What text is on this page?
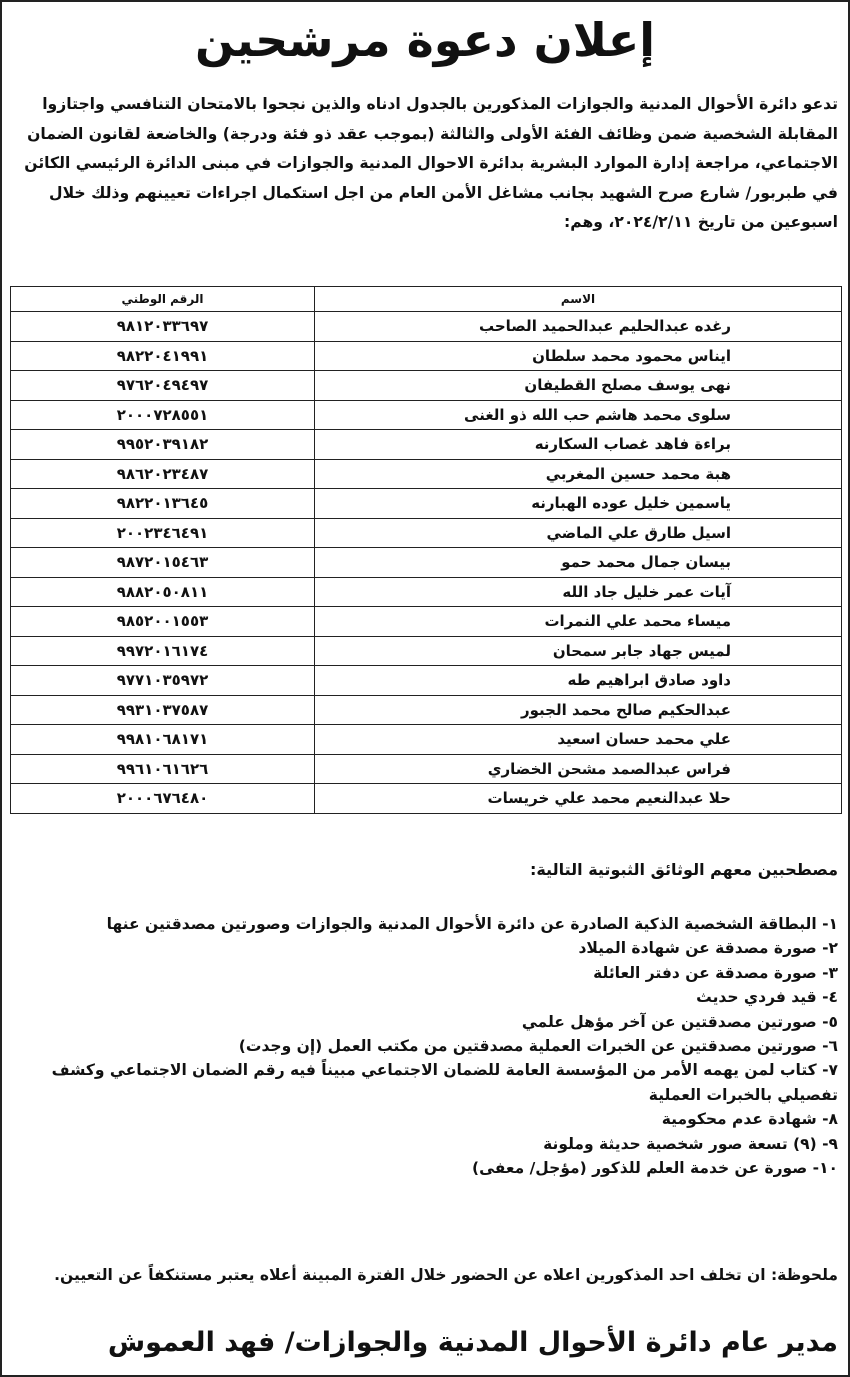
إعلان دعوة مرشحين

تدعو دائرة الأحوال المدنية والجوازات المذكورين بالجدول ادناه والذين نجحوا بالامتحان التنافسي واجتازوا

المقابلة الشخصية ضمن وظائف الفئة الأولى والثالثة (بموجب عقد ذو فئة ودرجة) والخاضعة لقانون الضمان

الاجتماعي، مراجعة إدارة الموارد البشرية بدائرة الاحوال المدنية والجوازات في مبنى الدائرة الرئيسي الكائن

في طبربور/ شارع صرح الشهيد بجانب مشاغل الأمن العام من اجل استكمال اجراءات تعيينهم وذلك خلال

اسبوعين من تاريخ ٢٠٢٤/٢/١١، وهم:

الاسم	الرقم الوطني
رغده عبدالحليم عبدالحميد الصاحب	٩٨١٢٠٣٣٦٩٧
ايناس محمود محمد سلطان	٩٨٢٢٠٤١٩٩١
نهى يوسف مصلح القطيفان	٩٧٦٢٠٤٩٤٩٧
سلوى محمد هاشم حب الله ذو الغنى	٢٠٠٠٧٢٨٥٥١
براءة فاهد غصاب السكارنه	٩٩٥٢٠٣٩١٨٢
هبة محمد حسين المغربي	٩٨٦٢٠٢٣٤٨٧
ياسمين خليل عوده الهبارنه	٩٨٢٢٠١٣٦٤٥
اسيل طارق علي الماضي	٢٠٠٢٣٤٦٤٩١
بيسان جمال محمد حمو	٩٨٧٢٠١٥٤٦٣
آيات عمر خليل جاد الله	٩٨٨٢٠٥٠٨١١
ميساء محمد علي النمرات	٩٨٥٢٠٠١٥٥٣
لميس جهاد جابر سمحان	٩٩٧٢٠١٦١٧٤
داود صادق ابراهيم طه	٩٧٧١٠٣٥٩٧٢
عبدالحكيم صالح محمد الجبور	٩٩٣١٠٣٧٥٨٧
علي محمد حسان اسعيد	٩٩٨١٠٦٨١٧١
فراس عبدالصمد مشحن الخضاري	٩٩٦١٠٦١٦٢٦
حلا عبدالنعيم محمد علي خريسات	٢٠٠٠٦٧٦٤٨٠
مصطحبين معهم الوثائق الثبوتية التالية:
١- البطاقة الشخصية الذكية الصادرة عن دائرة الأحوال المدنية والجوازات وصورتين مصدقتين عنها
٢- صورة مصدقة عن شهادة الميلاد
٣- صورة مصدقة عن دفتر العائلة
٤- قيد فردي حديث
٥- صورتين مصدقتين عن آخر مؤهل علمي
٦- صورتين مصدقتين عن الخبرات العملية مصدقتين من مكتب العمل (إن وجدت)
٧- كتاب لمن يهمه الأمر من المؤسسة العامة للضمان الاجتماعي مبيناً فيه رقم الضمان الاجتماعي وكشف تفصيلي بالخبرات العملية
٨- شهادة عدم محكومية
٩- (٩) تسعة صور شخصية حديثة وملونة
١٠- صورة عن خدمة العلم للذكور (مؤجل/ معفى)
ملحوظة: ان تخلف احد المذكورين اعلاه عن الحضور خلال الفترة المبينة أعلاه يعتبر مستنكفاً عن التعيين.
مدير عام دائرة الأحوال المدنية والجوازات/ فهد العموش
